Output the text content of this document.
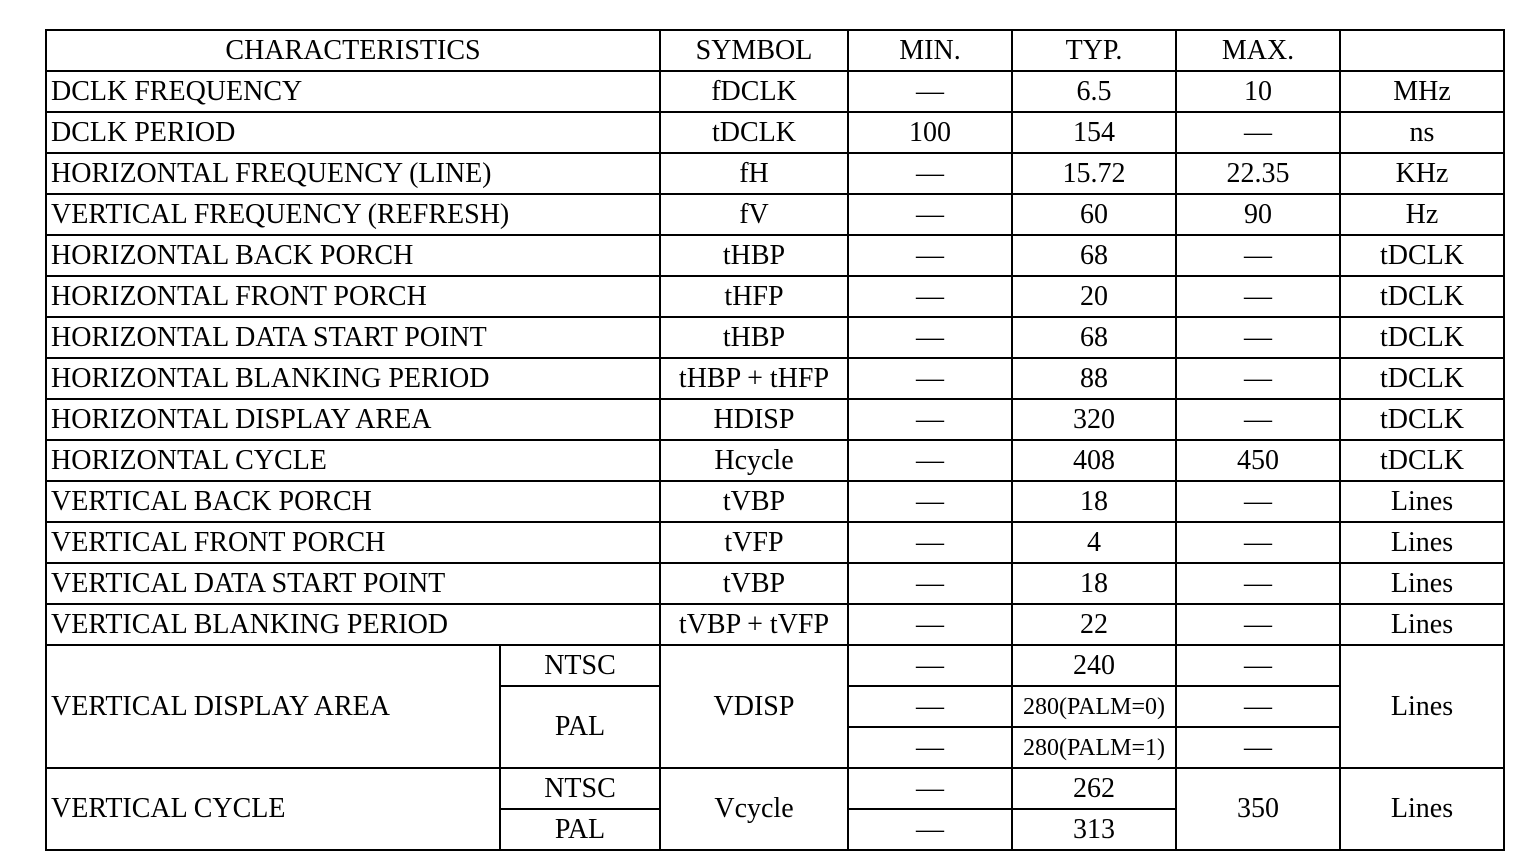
CHARACTERISTICS		SYMBOL	MIN.	TYP.	MAX.	
DCLK FREQUENCY		fDCLK	—	6.5	10	MHz
DCLK PERIOD		tDCLK	100	154	—	ns
HORIZONTAL FREQUENCY (LINE)		fH	—	15.72	22.35	KHz
VERTICAL FREQUENCY (REFRESH)		fV	—	60	90	Hz
HORIZONTAL BACK PORCH		tHBP	—	68	—	tDCLK
HORIZONTAL FRONT PORCH		tHFP	—	20	—	tDCLK
HORIZONTAL DATA START POINT		tHBP	—	68	—	tDCLK
HORIZONTAL BLANKING PERIOD		tHBP + tHFP	—	88	—	tDCLK
HORIZONTAL DISPLAY AREA		HDISP	—	320	—	tDCLK
HORIZONTAL CYCLE		Hcycle	—	408	450	tDCLK
VERTICAL BACK PORCH		tVBP	—	18	—	Lines
VERTICAL FRONT PORCH		tVFP	—	4	—	Lines
VERTICAL DATA START POINT		tVBP	—	18	—	Lines
VERTICAL BLANKING PERIOD		tVBP + tVFP	—	22	—	Lines
VERTICAL DISPLAY AREA	NTSC	VDISP	—	240	—	Lines
	PAL		—	280(PALM=0)	—	
			—	280(PALM=1)	—	
VERTICAL CYCLE	NTSC	Vcycle	—	262	350	Lines
	PAL		—	313		
